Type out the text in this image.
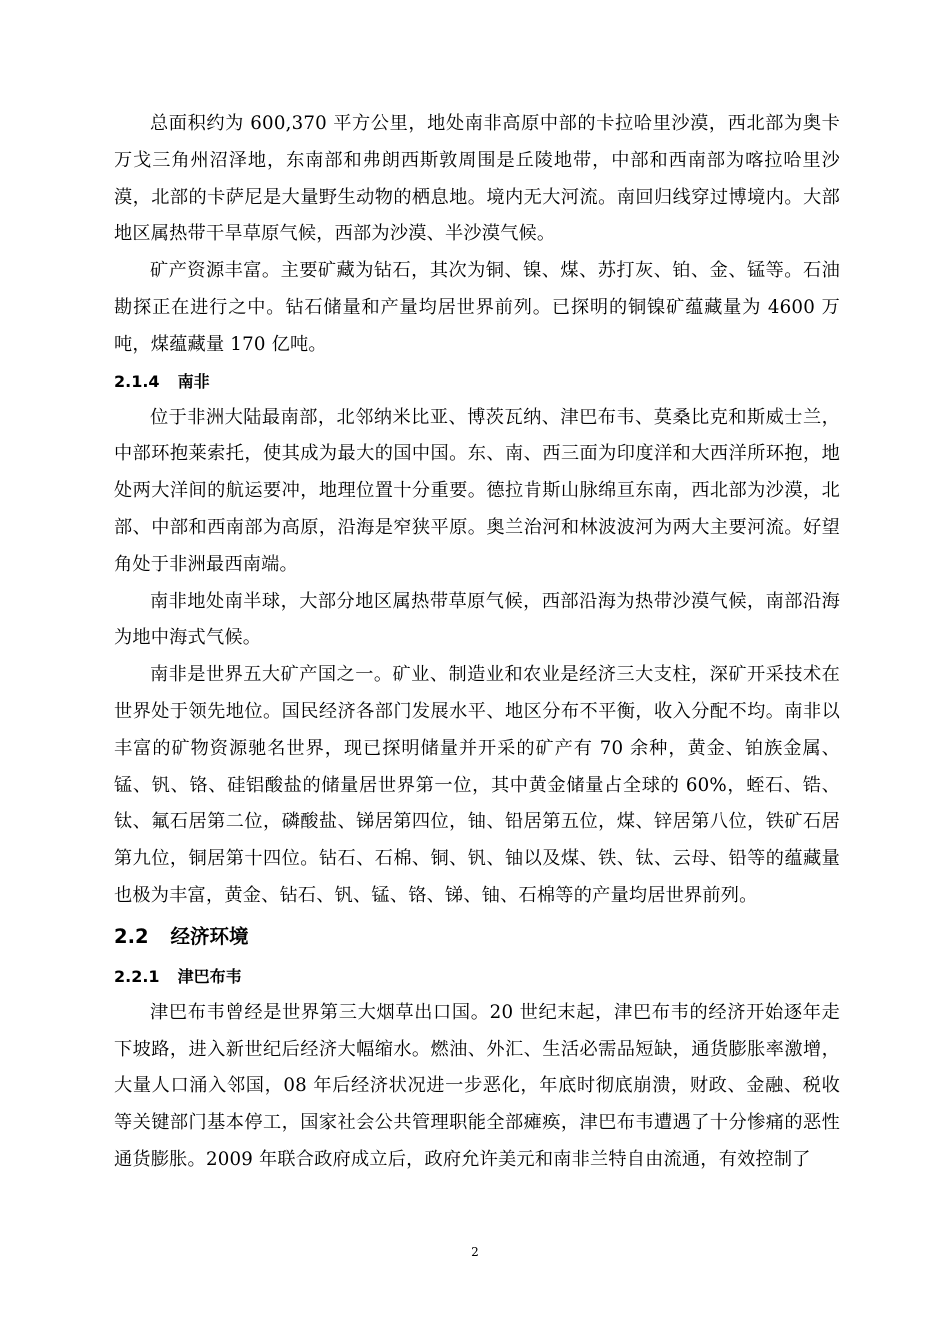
总面积约为 600,370 平方公里，地处南非高原中部的卡拉哈里沙漠，西北部为奥卡万戈三角州沼泽地，东南部和弗朗西斯敦周围是丘陵地带，中部和西南部为喀拉哈里沙漠，北部的卡萨尼是大量野生动物的栖息地。境内无大河流。南回归线穿过博境内。大部地区属热带干旱草原气候，西部为沙漠、半沙漠气候。

矿产资源丰富。主要矿藏为钻石，其次为铜、镍、煤、苏打灰、铂、金、锰等。石油勘探正在进行之中。钻石储量和产量均居世界前列。已探明的铜镍矿蕴藏量为 4600 万吨，煤蕴藏量 170 亿吨。

2.1.4 南非

位于非洲大陆最南部，北邻纳米比亚、博茨瓦纳、津巴布韦、莫桑比克和斯威士兰，中部环抱莱索托，使其成为最大的国中国。东、南、西三面为印度洋和大西洋所环抱，地处两大洋间的航运要冲，地理位置十分重要。德拉肯斯山脉绵亘东南，西北部为沙漠，北部、中部和西南部为高原，沿海是窄狭平原。奥兰治河和林波波河为两大主要河流。好望角处于非洲最西南端。

南非地处南半球，大部分地区属热带草原气候，西部沿海为热带沙漠气候，南部沿海为地中海式气候。

南非是世界五大矿产国之一。矿业、制造业和农业是经济三大支柱，深矿开采技术在世界处于领先地位。国民经济各部门发展水平、地区分布不平衡，收入分配不均。南非以丰富的矿物资源驰名世界，现已探明储量并开采的矿产有 70 余种，黄金、铂族金属、锰、钒、铬、硅铝酸盐的储量居世界第一位，其中黄金储量占全球的 60%，蛭石、锆、钛、氟石居第二位，磷酸盐、锑居第四位，铀、铅居第五位，煤、锌居第八位，铁矿石居第九位，铜居第十四位。钻石、石棉、铜、钒、铀以及煤、铁、钛、云母、铅等的蕴藏量也极为丰富，黄金、钻石、钒、锰、铬、锑、铀、石棉等的产量均居世界前列。

2.2 经济环境
2.2.1 津巴布韦

津巴布韦曾经是世界第三大烟草出口国。20 世纪末起，津巴布韦的经济开始逐年走下坡路，进入新世纪后经济大幅缩水。燃油、外汇、生活必需品短缺，通货膨胀率激增，大量人口涌入邻国，08 年后经济状况进一步恶化，年底时彻底崩溃，财政、金融、税收等关键部门基本停工，国家社会公共管理职能全部瘫痪，津巴布韦遭遇了十分惨痛的恶性通货膨胀。2009 年联合政府成立后，政府允许美元和南非兰特自由流通，有效控制了

2
